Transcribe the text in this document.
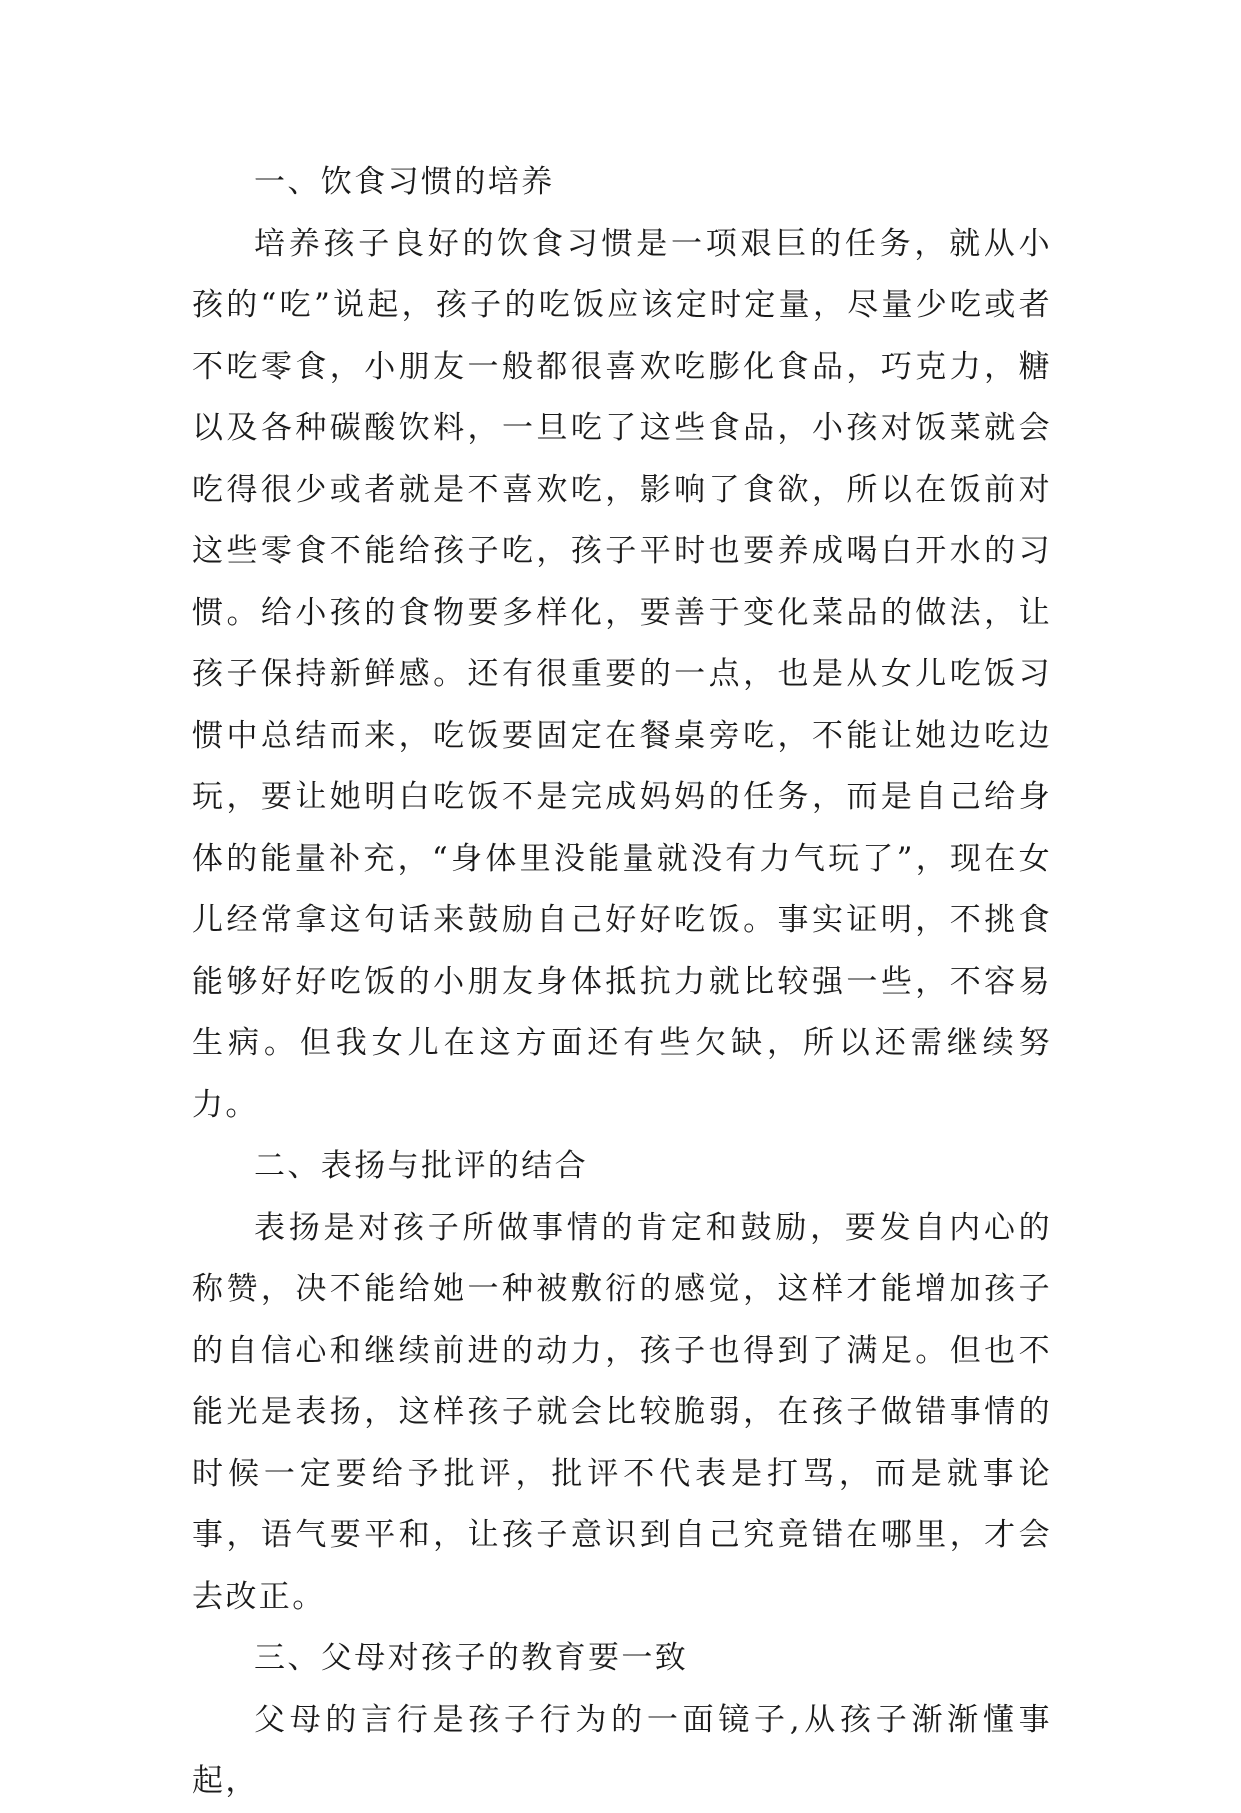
一、饮食习惯的培养

培养孩子良好的饮食习惯是一项艰巨的任务，就从小孩的“吃”说起，孩子的吃饭应该定时定量，尽量少吃或者不吃零食，小朋友一般都很喜欢吃膨化食品，巧克力，糖以及各种碳酸饮料，一旦吃了这些食品，小孩对饭菜就会吃得很少或者就是不喜欢吃，影响了食欲，所以在饭前对这些零食不能给孩子吃，孩子平时也要养成喝白开水的习惯。给小孩的食物要多样化，要善于变化菜品的做法，让孩子保持新鲜感。还有很重要的一点，也是从女儿吃饭习惯中总结而来，吃饭要固定在餐桌旁吃，不能让她边吃边玩，要让她明白吃饭不是完成妈妈的任务，而是自己给身体的能量补充，“身体里没能量就没有力气玩了”，现在女儿经常拿这句话来鼓励自己好好吃饭。事实证明，不挑食能够好好吃饭的小朋友身体抵抗力就比较强一些，不容易生病。但我女儿在这方面还有些欠缺，所以还需继续努力。

二、表扬与批评的结合

表扬是对孩子所做事情的肯定和鼓励，要发自内心的称赞，决不能给她一种被敷衍的感觉，这样才能增加孩子的自信心和继续前进的动力，孩子也得到了满足。但也不能光是表扬，这样孩子就会比较脆弱，在孩子做错事情的时候一定要给予批评，批评不代表是打骂，而是就事论事，语气要平和，让孩子意识到自己究竟错在哪里，才会去改正。

三、父母对孩子的教育要一致

父母的言行是孩子行为的一面镜子,从孩子渐渐懂事起，
